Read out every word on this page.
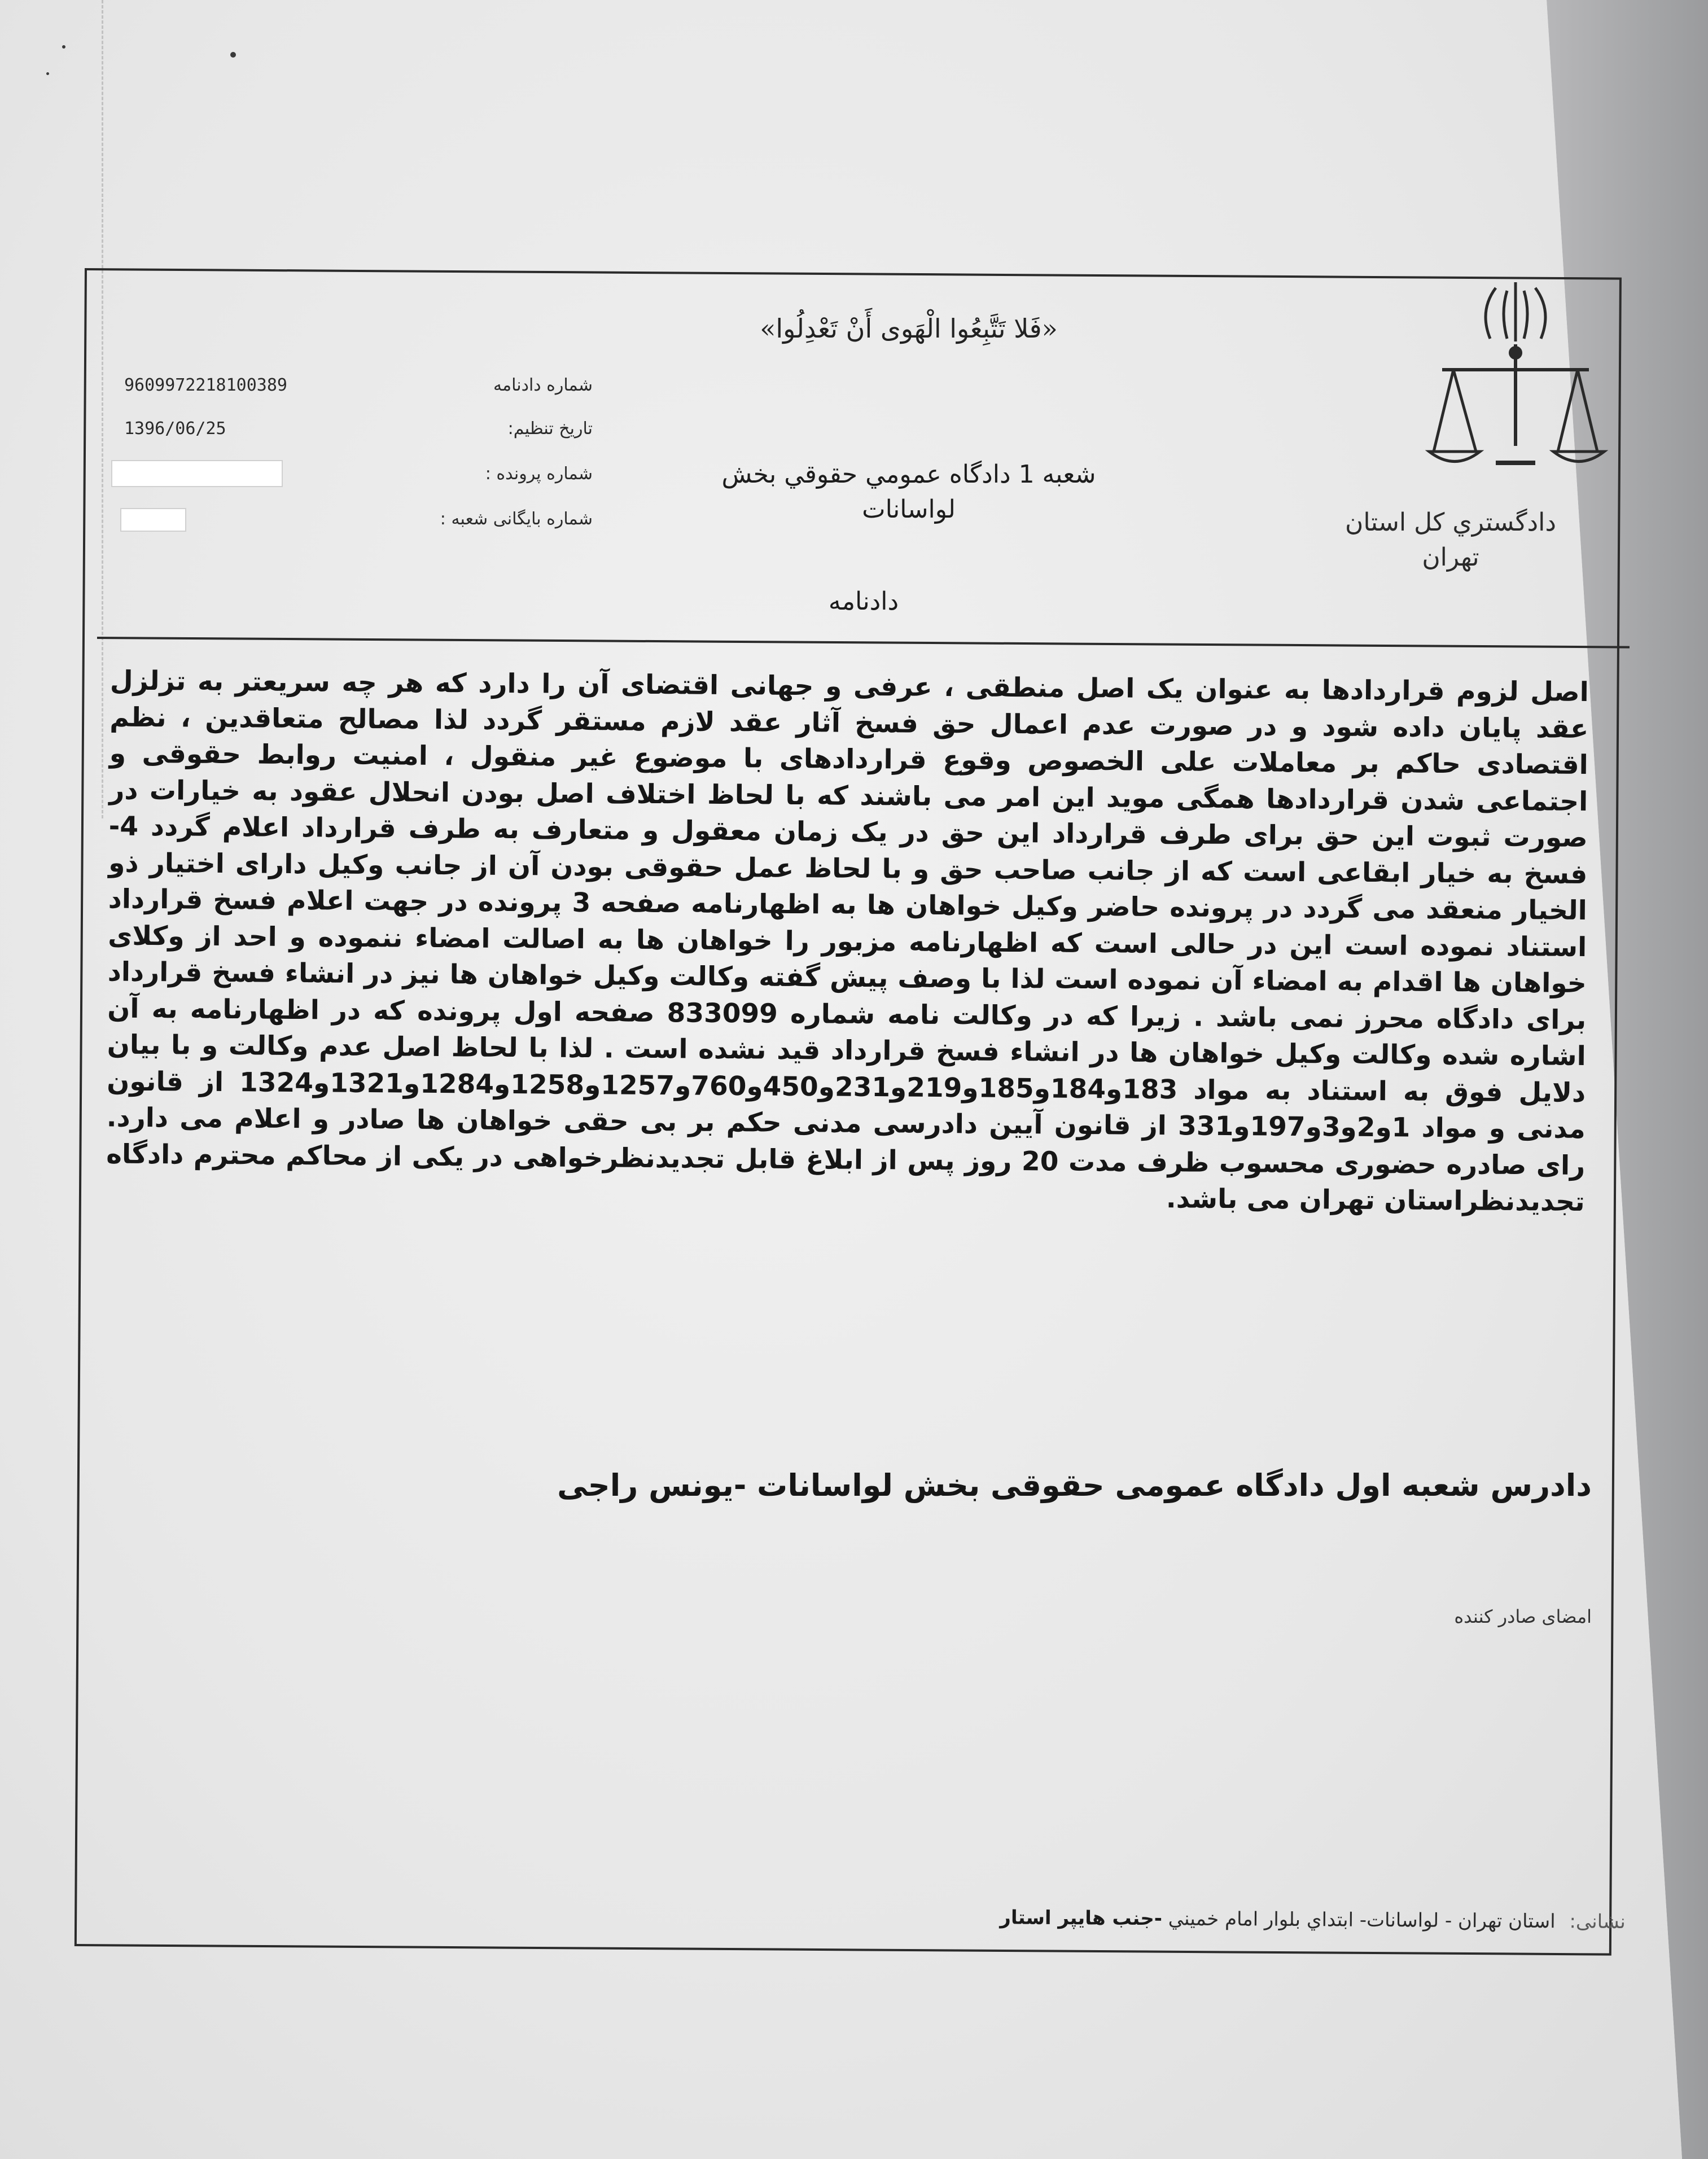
«فَلا تَتَّبِعُوا الْهَوى أَنْ تَعْدِلُوا»
شماره دادنامه
9609972218100389
تاريخ تنظيم:
1396/06/25
شماره پرونده :
شماره بایگانی شعبه :
شعبه 1 دادگاه عمومي حقوقي بخش
لواسانات	دادگستري كل استان
تهران
دادنامه
اصل لزوم قراردادها به عنوان یک اصل منطقی ، عرفی و جهانی اقتضای آن را دارد که هر چه سریعتر به تزلزل عقد پایان داده شود و در صورت عدم اعمال حق فسخ آثار عقد لازم مستقر گردد لذا مصالح متعاقدین ، نظم اقتصادی حاکم بر معاملات علی الخصوص وقوع قراردادهای با موضوع غیر منقول ، امنیت روابط حقوقی و اجتماعی شدن قراردادها همگی موید این امر می باشند که با لحاظ اختلاف اصل بودن انحلال عقود به خیارات در صورت ثبوت این حق برای طرف قرارداد این حق در یک زمان معقول و متعارف به طرف قرارداد اعلام گردد 4- فسخ به خیار ابقاعی است که از جانب صاحب حق و با لحاظ عمل حقوقی بودن آن از جانب وکیل دارای اختیار ذو الخیار منعقد می گردد در پرونده حاضر وکیل خواهان ها به اظهارنامه صفحه 3 پرونده در جهت اعلام فسخ قرارداد استناد نموده است این در حالی است که اظهارنامه مزبور را خواهان ها به اصالت امضاء ننموده و احد از وکلای خواهان ها اقدام به امضاء آن نموده است لذا با وصف پیش گفته وکالت وکیل خواهان ها نیز در انشاء فسخ قرارداد برای دادگاه محرز نمی باشد . زیرا که در وکالت نامه شماره 833099 صفحه اول پرونده که در اظهارنامه به آن اشاره شده وکالت وکیل خواهان ها در انشاء فسخ قرارداد قید نشده است . لذا با لحاظ اصل عدم وکالت و با بیان دلایل فوق به استناد به مواد 183و184و185و219و231و450و760و1257و1258و1284و1321و1324 از قانون مدنی و مواد 1و2و3و197و331 از قانون آیین دادرسی مدنی حکم بر بی حقی خواهان ها صادر و اعلام می دارد. رای صادره حضوری محسوب ظرف مدت 20 روز پس از ابلاغ قابل تجدیدنظرخواهی در یکی از محاکم محترم دادگاه تجدیدنظراستان تهران می باشد.
دادرس شعبه اول دادگاه عمومی حقوقی بخش لواسانات -یونس راجی
امضای صادر کننده
نشانی: استان تهران - لواسانات- ابتداي بلوار امام خميني -جنب هايپر استار
